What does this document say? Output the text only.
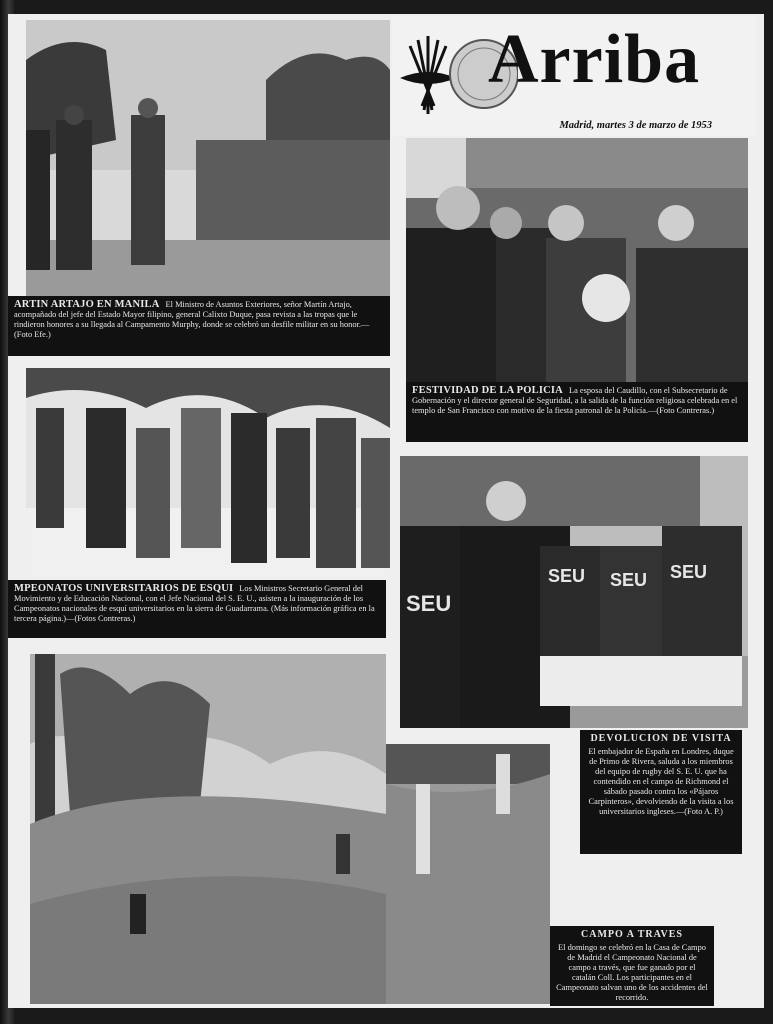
ARTIN ARTAJO EN MANILA El Ministro de Asuntos Exteriores, señor Martín Artajo, acompañado del jefe del Estado Mayor filipino, general Calixto Duque, pasa revista a las tropas que le rindieron honores a su llegada al Campamento Murphy, donde se celebró un desfile militar en su honor.—(Foto Efe.)
MPEONATOS UNIVERSITARIOS DE ESQUI Los Ministros Secretario General del Movimiento y de Educación Nacional, con el Jefe Nacional del S. E. U., asisten a la inauguración de los Campeonatos nacionales de esquí universitarios en la sierra de Guadarrama. (Más información gráfica en la tercera página.)—(Fotos Contreras.)
Arriba
Madrid, martes 3 de marzo de 1953
FESTIVIDAD DE LA POLICIA La esposa del Caudillo, con el Subsecretario de Gobernación y el director general de Seguridad, a la salida de la función religiosa celebrada en el templo de San Francisco con motivo de la fiesta patronal de la Policía.—(Foto Contreras.)
SEU
SEU SEU SEU
DEVOLUCION DE VISITA
El embajador de España en Londres, duque de Primo de Rivera, saluda a los miembros del equipo de rugby del S. E. U. que ha contendido en el campo de Richmond el sábado pasado contra los «Pájaros Carpinteros», devolviendo de la visita a los universitarios ingleses.—(Foto A. P.)
CAMPO A TRAVES
El domingo se celebró en la Casa de Campo de Madrid el Campeonato Nacional de campo a través, que fue ganado por el catalán Coll. Los participantes en el Campeonato salvan uno de los accidentes del recorrido.
